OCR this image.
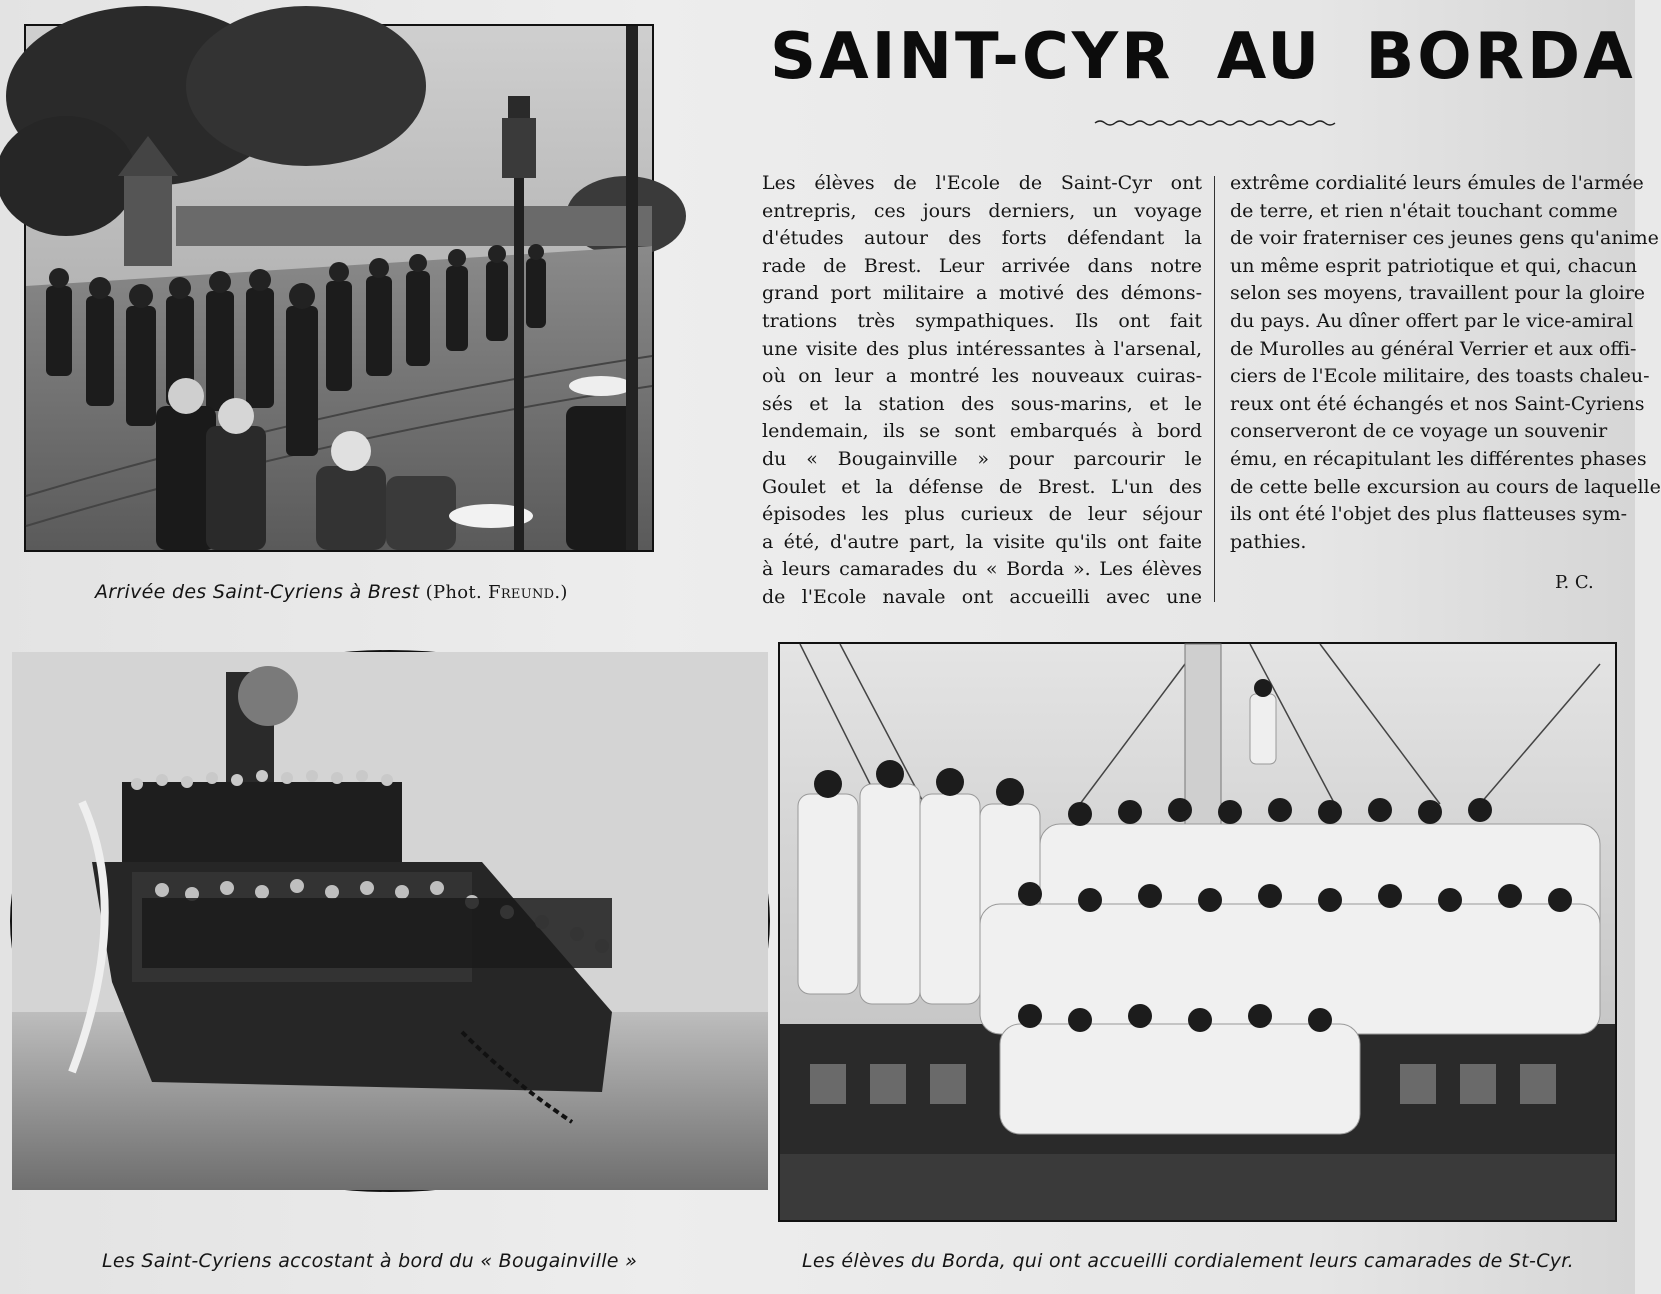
Arrivée des Saint-Cyriens à Brest (Phot. Freund.)
SAINT-CYR AU BORDA
Les élèves de l'Ecole de Saint-Cyr ont
entrepris, ces jours derniers, un voyage
d'études autour des forts défendant la
rade de Brest. Leur arrivée dans notre
grand port militaire a motivé des démons-
trations très sympathiques. Ils ont fait
une visite des plus intéressantes à l'arsenal,
où on leur a montré les nouveaux cuiras-
sés et la station des sous-marins, et le
lendemain, ils se sont embarqués à bord
du « Bougainville » pour parcourir le
Goulet et la défense de Brest. L'un des
épisodes les plus curieux de leur séjour
a été, d'autre part, la visite qu'ils ont faite
à leurs camarades du « Borda ». Les élèves
de l'Ecole navale ont accueilli avec une
extrême cordialité leurs émules de l'armée
de terre, et rien n'était touchant comme
de voir fraterniser ces jeunes gens qu'anime
un même esprit patriotique et qui, chacun
selon ses moyens, travaillent pour la gloire
du pays. Au dîner offert par le vice-amiral
de Murolles au général Verrier et aux offi-
ciers de l'Ecole militaire, des toasts chaleu-
reux ont été échangés et nos Saint-Cyriens
conserveront de ce voyage un souvenir
ému, en récapitulant les différentes phases
de cette belle excursion au cours de laquelle
ils ont été l'objet des plus flatteuses sym-
pathies.
P. C.
Les Saint-Cyriens accostant à bord du « Bougainville »	Les élèves du Borda, qui ont accueilli cordialement leurs camarades de St-Cyr.
